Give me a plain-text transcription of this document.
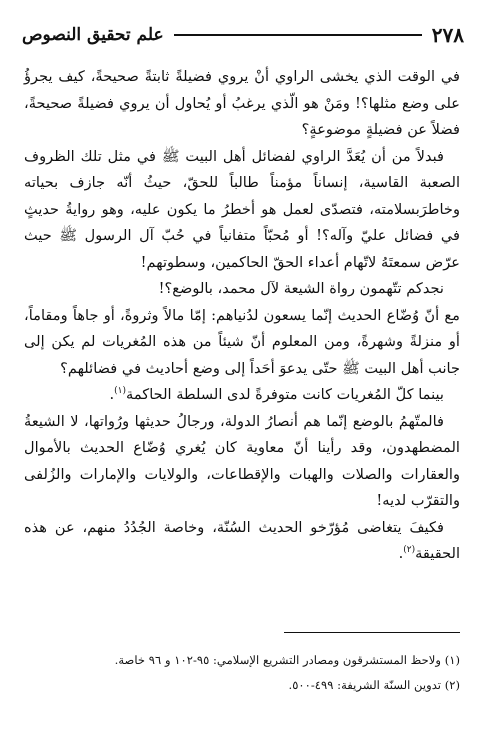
٢٧٨
علم تحقيق النصوص

في الوقت الذي يخشى الراوي أنْ يروي فضيلةً ثابتةً صحيحةً، كيف يجرؤُ على وضع مثلها؟! ومَنْ هو الّذي يرغبُ أو يُحاول أن يروي فضيلةً صحيحةً، فضلاً عن فضيلةٍ موضوعةٍ؟

فبدلاً من أن يُعَدَّ الراوي لفضائل أهل البيت ﷺ في مثل تلك الظروف الصعبة القاسية، إنساناً مؤمناً طالباً للحقّ، حيثُ أنّه جازف بحياته وخاطرَبسلامته، فتصدّى لعمل هو أخطرُ ما يكون عليه، وهو روايةُ حديثٍ في فضائل عليّ وآله؟! أو مُحبّاً متفانياً في حُبّ آل الرسول ﷺ حيث عرّض سمعتَهُ لاتّهام أعداء الحقّ الحاكمين، وسطوتهم!

نجدكم تتّهمون رواة الشيعة لآل محمد، بالوضع؟!

مع أنّ وُضّاع الحديث إنّما يسعون لدُنياهم: إمّا مالاً وثروةً، أو جاهاً ومقاماً، أو منزلةً وشهرةً، ومن المعلوم أنّ شيئاً من هذه المُغريات لم يكن إلى جانب أهل البيت ﷺ حتّى يدعوَ أحَداً إلى وضع أحاديث في فضائلهم؟

بينما كلّ المُغريات كانت متوفرةً لدى السلطة الحاكمة$^{(١)}$.

فالمتّهمُ بالوضع إنّما هم أنصارُ الدولة، ورجالُ حديثها ورُواتها، لا الشيعةُ المضطهدون، وقد رأينا أنّ معاوية كان يُغري وُضّاع الحديث بالأموال والعقارات والصلات والهبات والإقطاعات، والولايات والإمارات والزُلفى والتقرّب لديه!

فكيفَ يتغاضى مُؤرّخو الحديث السُنّة، وخاصة الجُدُدُ منهم، عن هذه الحقيقة$^{(٢)}$.

(١) ولاحظ المستشرقون ومصادر التشريع الإسلامي: ٩٥-١٠٢ و ٩٦ خاصة.

(٢) تدوين السنّة الشريفة: ٤٩٩-٥٠٠.
